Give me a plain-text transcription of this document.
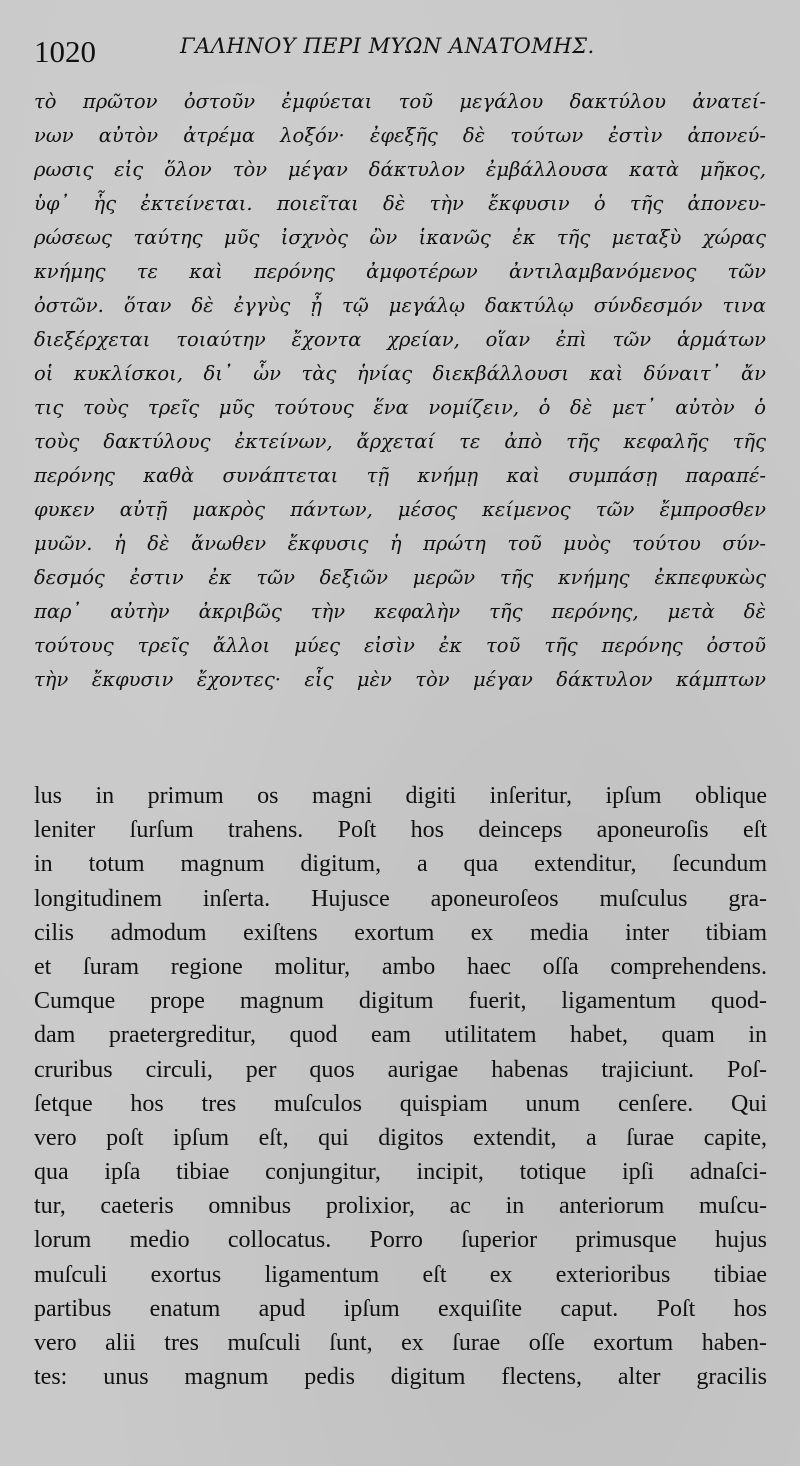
1020	ΓΑΛΗΝΟΥ ΠΕΡΙ ΜΥΩΝ ΑΝΑΤΟΜΗΣ.
τὸ πρῶτον ὀστοῦν ἐμφύεται τοῦ μεγάλου δακτύλου ἀνατεί-
νων αὐτὸν ἀτρέμα λοξόν· ἐφεξῆς δὲ τούτων ἐστὶν ἀπονεύ-
ρωσις εἰς ὅλον τὸν μέγαν δάκτυλον ἐμβάλλουσα κατὰ μῆκος,
ὑφ᾽ ἧς ἐκτείνεται. ποιεῖται δὲ τὴν ἔκφυσιν ὁ τῆς ἀπονευ-
ρώσεως ταύτης μῦς ἰσχνὸς ὢν ἱκανῶς ἐκ τῆς μεταξὺ χώρας
κνήμης τε καὶ περόνης ἀμφοτέρων ἀντιλαμβανόμενος τῶν
ὀστῶν. ὅταν δὲ ἐγγὺς ᾖ τῷ μεγάλῳ δακτύλῳ σύνδεσμόν τινα
διεξέρχεται τοιαύτην ἔχοντα χρείαν, οἵαν ἐπὶ τῶν ἁρμάτων
οἱ κυκλίσκοι, δι᾽ ὧν τὰς ἡνίας διεκβάλλουσι καὶ δύναιτ᾽ ἄν
τις τοὺς τρεῖς μῦς τούτους ἕνα νομίζειν, ὁ δὲ μετ᾽ αὐτὸν ὁ
τοὺς δακτύλους ἐκτείνων, ἄρχεταί τε ἀπὸ τῆς κεφαλῆς τῆς
περόνης καθὰ συνάπτεται τῇ κνήμῃ καὶ συμπάσῃ παραπέ-
φυκεν αὐτῇ μακρὸς πάντων, μέσος κείμενος τῶν ἔμπροσθεν
μυῶν. ἡ δὲ ἄνωθεν ἔκφυσις ἡ πρώτη τοῦ μυὸς τούτου σύν-
δεσμός ἐστιν ἐκ τῶν δεξιῶν μερῶν τῆς κνήμης ἐκπεφυκὼς
παρ᾽ αὐτὴν ἀκριβῶς τὴν κεφαλὴν τῆς περόνης, μετὰ δὲ
τούτους τρεῖς ἄλλοι μύες εἰσὶν ἐκ τοῦ τῆς περόνης ὀστοῦ
τὴν ἔκφυσιν ἔχοντες· εἷς μὲν τὸν μέγαν δάκτυλον κάμπτων
lus in primum os magni digiti inſeritur, ipſum oblique
leniter ſurſum trahens. Poſt hos deinceps aponeuroſis eſt
in totum magnum digitum, a qua extenditur, ſecundum
longitudinem inſerta. Hujusce aponeuroſeos muſculus gra-
cilis admodum exiſtens exortum ex media inter tibiam
et ſuram regione molitur, ambo haec oſſa comprehendens.
Cumque prope magnum digitum fuerit, ligamentum quod-
dam praetergreditur, quod eam utilitatem habet, quam in
cruribus circuli, per quos aurigae habenas trajiciunt. Poſ-
ſetque hos tres muſculos quispiam unum cenſere. Qui
vero poſt ipſum eſt, qui digitos extendit, a ſurae capite,
qua ipſa tibiae conjungitur, incipit, totique ipſi adnaſci-
tur, caeteris omnibus prolixior, ac in anteriorum muſcu-
lorum medio collocatus. Porro ſuperior primusque hujus
muſculi exortus ligamentum eſt ex exterioribus tibiae
partibus enatum apud ipſum exquiſite caput. Poſt hos
vero alii tres muſculi ſunt, ex ſurae oſſe exortum haben-
tes: unus magnum pedis digitum flectens, alter gracilis
